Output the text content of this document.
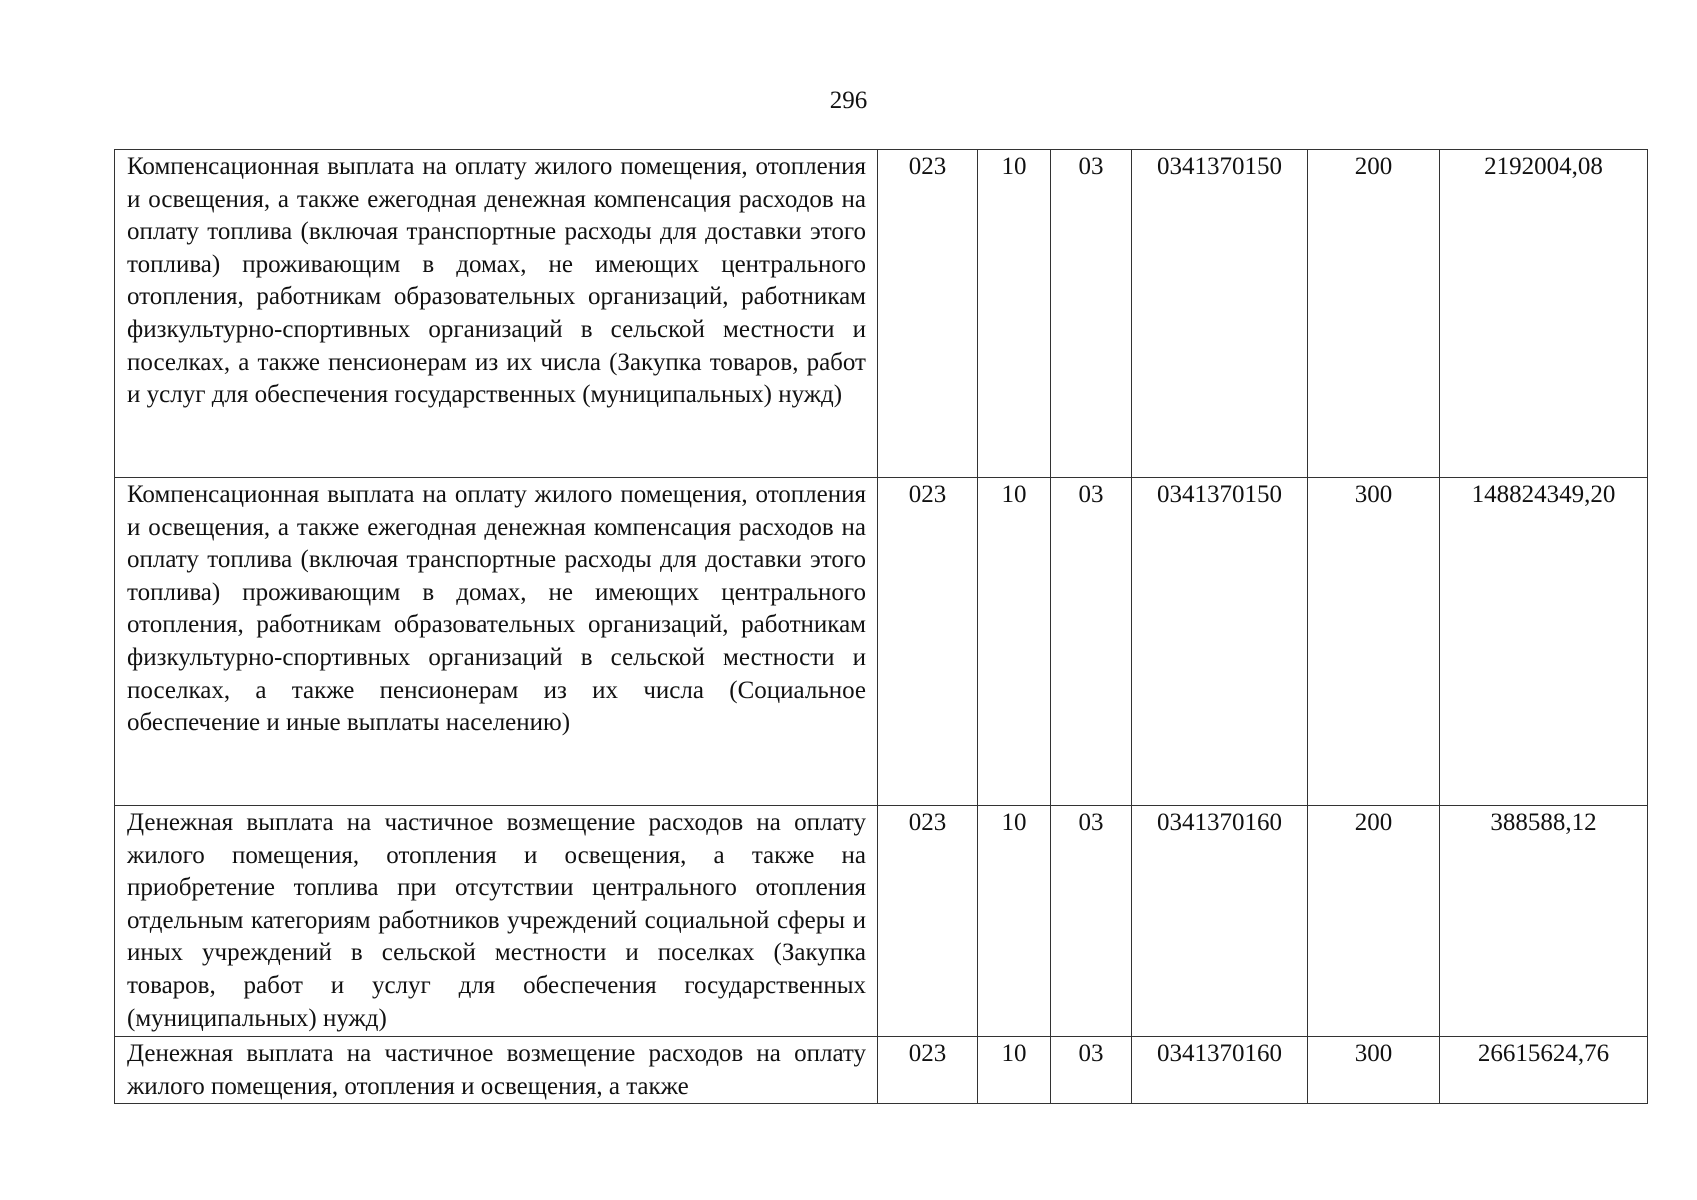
296
Компенсационная выплата на оплату жилого помещения, отопления и освещения, а также ежегодная денежная компенсация расходов на оплату топлива (включая транспортные расходы для доставки этого топлива) проживающим в домах, не имеющих центрального отопления, работникам образовательных организаций, работникам физкультурно-спортивных организаций в сельской местности и поселках, а также пенсионерам из их числа (Закупка товаров, работ и услуг для обеспечения государственных (муниципальных) нужд)	023	10	03	0341370150	200	2192004,08

Компенсационная выплата на оплату жилого помещения, отопления и освещения, а также ежегодная денежная компенсация расходов на оплату топлива (включая транспортные расходы для доставки этого топлива) проживающим в домах, не имеющих центрального отопления, работникам образовательных организаций, работникам физкультурно-спортивных организаций в сельской местности и поселках, а также пенсионерам из их числа (Социальное обеспечение и иные выплаты населению)	023	10	03	0341370150	300	148824349,20

Денежная выплата на частичное возмещение расходов на оплату жилого помещения, отопления и освещения, а также на приобретение топлива при отсутствии центрального отопления отдельным категориям работников учреждений социальной сферы и иных учреждений в сельской местности и поселках (Закупка товаров, работ и услуг для обеспечения государственных (муниципальных) нужд)	023	10	03	0341370160	200	388588,12

Денежная выплата на частичное возмещение расходов на оплату жилого помещения, отопления и освещения, а также	023	10	03	0341370160	300	26615624,76
